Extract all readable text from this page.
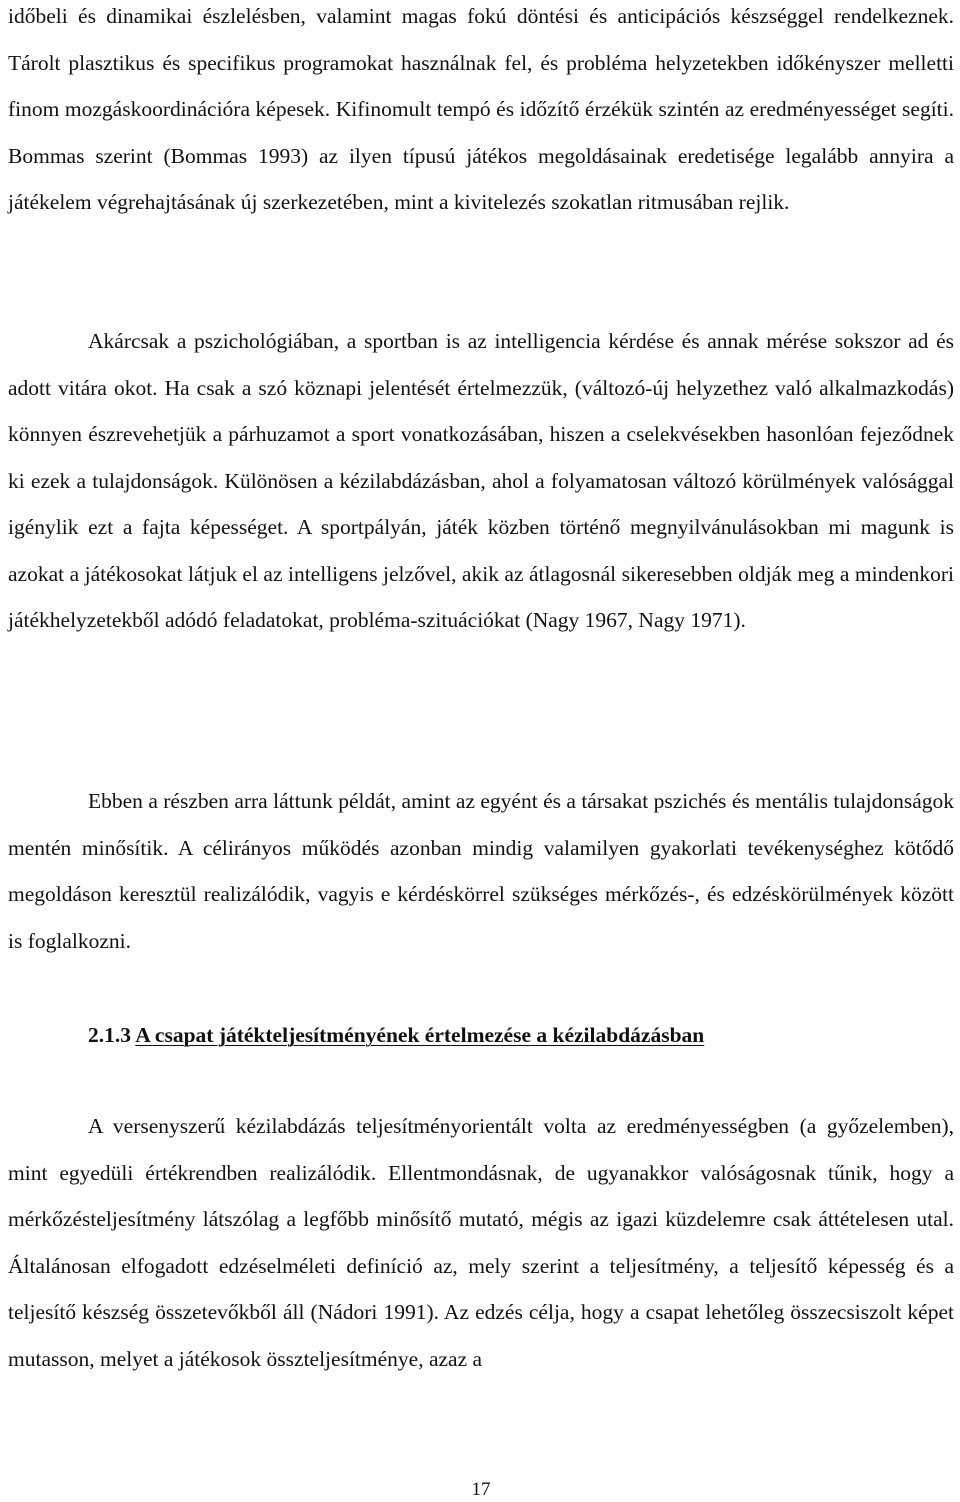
időbeli és dinamikai észlelésben, valamint magas fokú döntési és anticipációs készséggel rendelkeznek. Tárolt plasztikus és specifikus programokat használnak fel, és probléma helyzetekben időkényszer melletti finom mozgáskoordinációra képesek. Kifinomult tempó és időzítő érzékük szintén az eredményességet segíti. Bommas szerint (Bommas 1993) az ilyen típusú játékos megoldásainak eredetisége legalább annyira a játékelem végrehajtásának új szerkezetében, mint a kivitelezés szokatlan ritmusában rejlik.

Akárcsak a pszichológiában, a sportban is az intelligencia kérdése és annak mérése sokszor ad és adott vitára okot. Ha csak a szó köznapi jelentését értelmezzük, (változó-új helyzethez való alkalmazkodás) könnyen észrevehetjük a párhuzamot a sport vonatkozásában, hiszen a cselekvésekben hasonlóan fejeződnek ki ezek a tulajdonságok. Különösen a kézilabdázásban, ahol a folyamatosan változó körülmények valósággal igénylik ezt a fajta képességet. A sportpályán, játék közben történő megnyilvánulásokban mi magunk is azokat a játékosokat látjuk el az intelligens jelzővel, akik az átlagosnál sikeresebben oldják meg a mindenkori játékhelyzetekből adódó feladatokat, probléma-szituációkat (Nagy 1967, Nagy 1971).

Ebben a részben arra láttunk példát, amint az egyént és a társakat pszichés és mentális tulajdonságok mentén minősítik. A célirányos működés azonban mindig valamilyen gyakorlati tevékenységhez kötődő megoldáson keresztül realizálódik, vagyis e kérdéskörrel szükséges mérkőzés-, és edzéskörülmények között is foglalkozni.

2.1.3 A csapat játékteljesítményének értelmezése a kézilabdázásban

A versenyszerű kézilabdázás teljesítményorientált volta az eredményességben (a győzelemben), mint egyedüli értékrendben realizálódik. Ellentmondásnak, de ugyanakkor valóságosnak tűnik, hogy a mérkőzésteljesítmény látszólag a legfőbb minősítő mutató, mégis az igazi küzdelemre csak áttételesen utal. Általánosan elfogadott edzéselméleti definíció az, mely szerint a teljesítmény, a teljesítő képesség és a teljesítő készség összetevőkből áll (Nádori 1991). Az edzés célja, hogy a csapat lehetőleg összecsiszolt képet mutasson, melyet a játékosok összteljesítménye, azaz a

17
